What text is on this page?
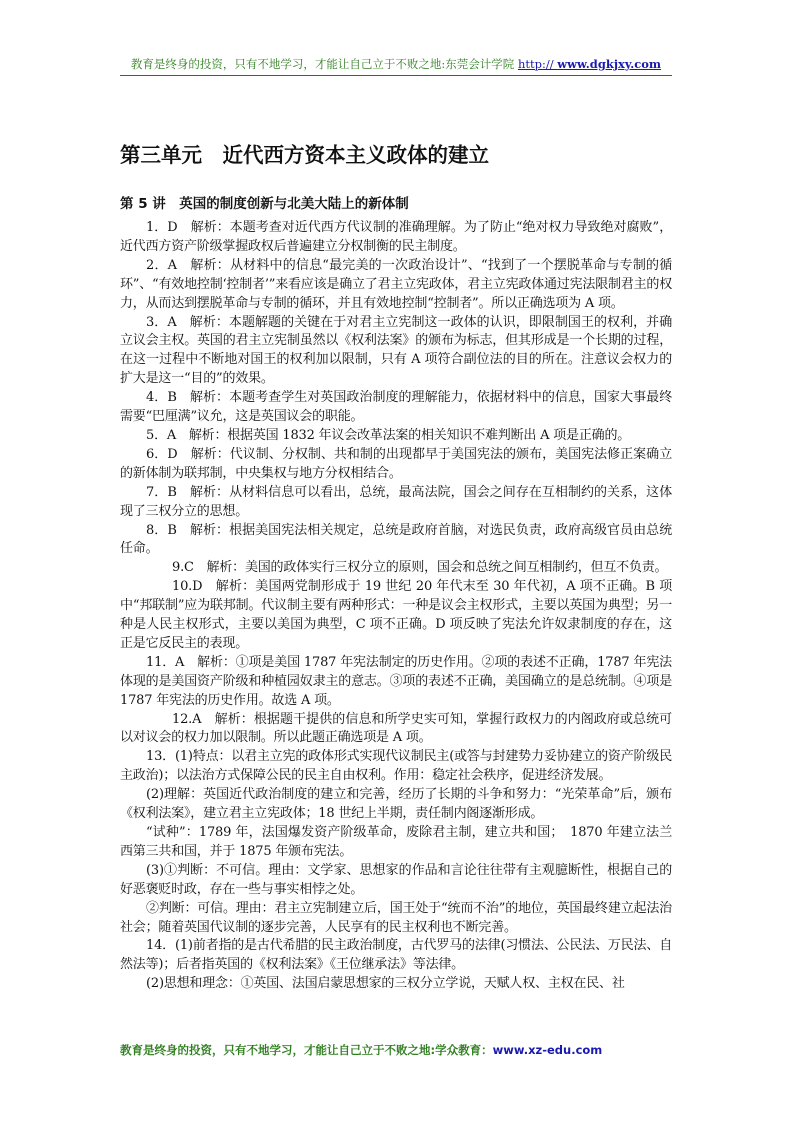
教育是终身的投资，只有不地学习，才能让自己立于不败之地:东莞会计学院 http:// www.dgkjxy.com
第三单元　近代西方资本主义政体的建立
第 5 讲　英国的制度创新与北美大陆上的新体制

1．D　解析：本题考查对近代西方代议制的准确理解。为了防止“绝对权力导致绝对腐败”，近代西方资产阶级掌握政权后普遍建立分权制衡的民主制度。

2．A　解析：从材料中的信息“最完美的一次政治设计”、“找到了一个摆脱革命与专制的循环”、“有效地控制‘控制者’”来看应该是确立了君主立宪政体，君主立宪政体通过宪法限制君主的权力，从而达到摆脱革命与专制的循环，并且有效地控制“控制者”。所以正确选项为 A 项。

3．A　解析：本题解题的关键在于对君主立宪制这一政体的认识，即限制国王的权利，并确立议会主权。英国的君主立宪制虽然以《权利法案》的颁布为标志，但其形成是一个长期的过程，在这一过程中不断地对国王的权利加以限制，只有 A 项符合副位法的目的所在。注意议会权力的扩大是这一“目的”的效果。

4．B　解析：本题考查学生对英国政治制度的理解能力，依据材料中的信息，国家大事最终需要“巴厘满”议允，这是英国议会的职能。

5．A　解析：根据英国 1832 年议会改革法案的相关知识不难判断出 A 项是正确的。

6．D　解析：代议制、分权制、共和制的出现都早于美国宪法的颁布，美国宪法修正案确立的新体制为联邦制，中央集权与地方分权相结合。

7．B　解析：从材料信息可以看出，总统，最高法院，国会之间存在互相制约的关系，这体现了三权分立的思想。

8．B　解析：根据美国宪法相关规定，总统是政府首脑，对选民负责，政府高级官员由总统任命。

9.C　解析：美国的政体实行三权分立的原则，国会和总统之间互相制约，但互不负责。

10.D　解析：美国两党制形成于 19 世纪 20 年代末至 30 年代初，A 项不正确。B 项中“邦联制”应为联邦制。代议制主要有两种形式：一种是议会主权形式，主要以英国为典型；另一种是人民主权形式，主要以美国为典型，C 项不正确。D 项反映了宪法允许奴隶制度的存在，这正是它反民主的表现。

11．A　解析：①项是美国 1787 年宪法制定的历史作用。②项的表述不正确，1787 年宪法体现的是美国资产阶级和种植园奴隶主的意志。③项的表述不正确，美国确立的是总统制。④项是 1787 年宪法的历史作用。故选 A 项。

12.A　解析：根据题干提供的信息和所学史实可知，掌握行政权力的内阁政府或总统可以对议会的权力加以限制。所以此题正确选项是 A 项。

13．(1)特点：以君主立宪的政体形式实现代议制民主(或答与封建势力妥协建立的资产阶级民主政治)；以法治方式保障公民的民主自由权利。作用：稳定社会秩序，促进经济发展。

(2)理解：英国近代政治制度的建立和完善，经历了长期的斗争和努力：“光荣革命”后，颁布《权利法案》，建立君主立宪政体；18 世纪上半期，责任制内阁逐渐形成。

“试种”：1789 年，法国爆发资产阶级革命，废除君主制，建立共和国；　1870 年建立法兰西第三共和国，并于 1875 年颁布宪法。

(3)①判断：不可信。理由：文学家、思想家的作品和言论往往带有主观臆断性，根据自己的好恶褒贬时政，存在一些与事实相悖之处。

②判断：可信。理由：君主立宪制建立后，国王处于“统而不治”的地位，英国最终建立起法治社会；随着英国代议制的逐步完善，人民享有的民主权利也不断完善。

14．(1)前者指的是古代希腊的民主政治制度，古代罗马的法律(习惯法、公民法、万民法、自然法等)；后者指英国的《权利法案》《王位继承法》等法律。

(2)思想和理念：①英国、法国启蒙思想家的三权分立学说，天赋人权、主权在民、社

教育是终身的投资，只有不地学习，才能让自己立于不败之地:学众教育：www.xz-edu.com
